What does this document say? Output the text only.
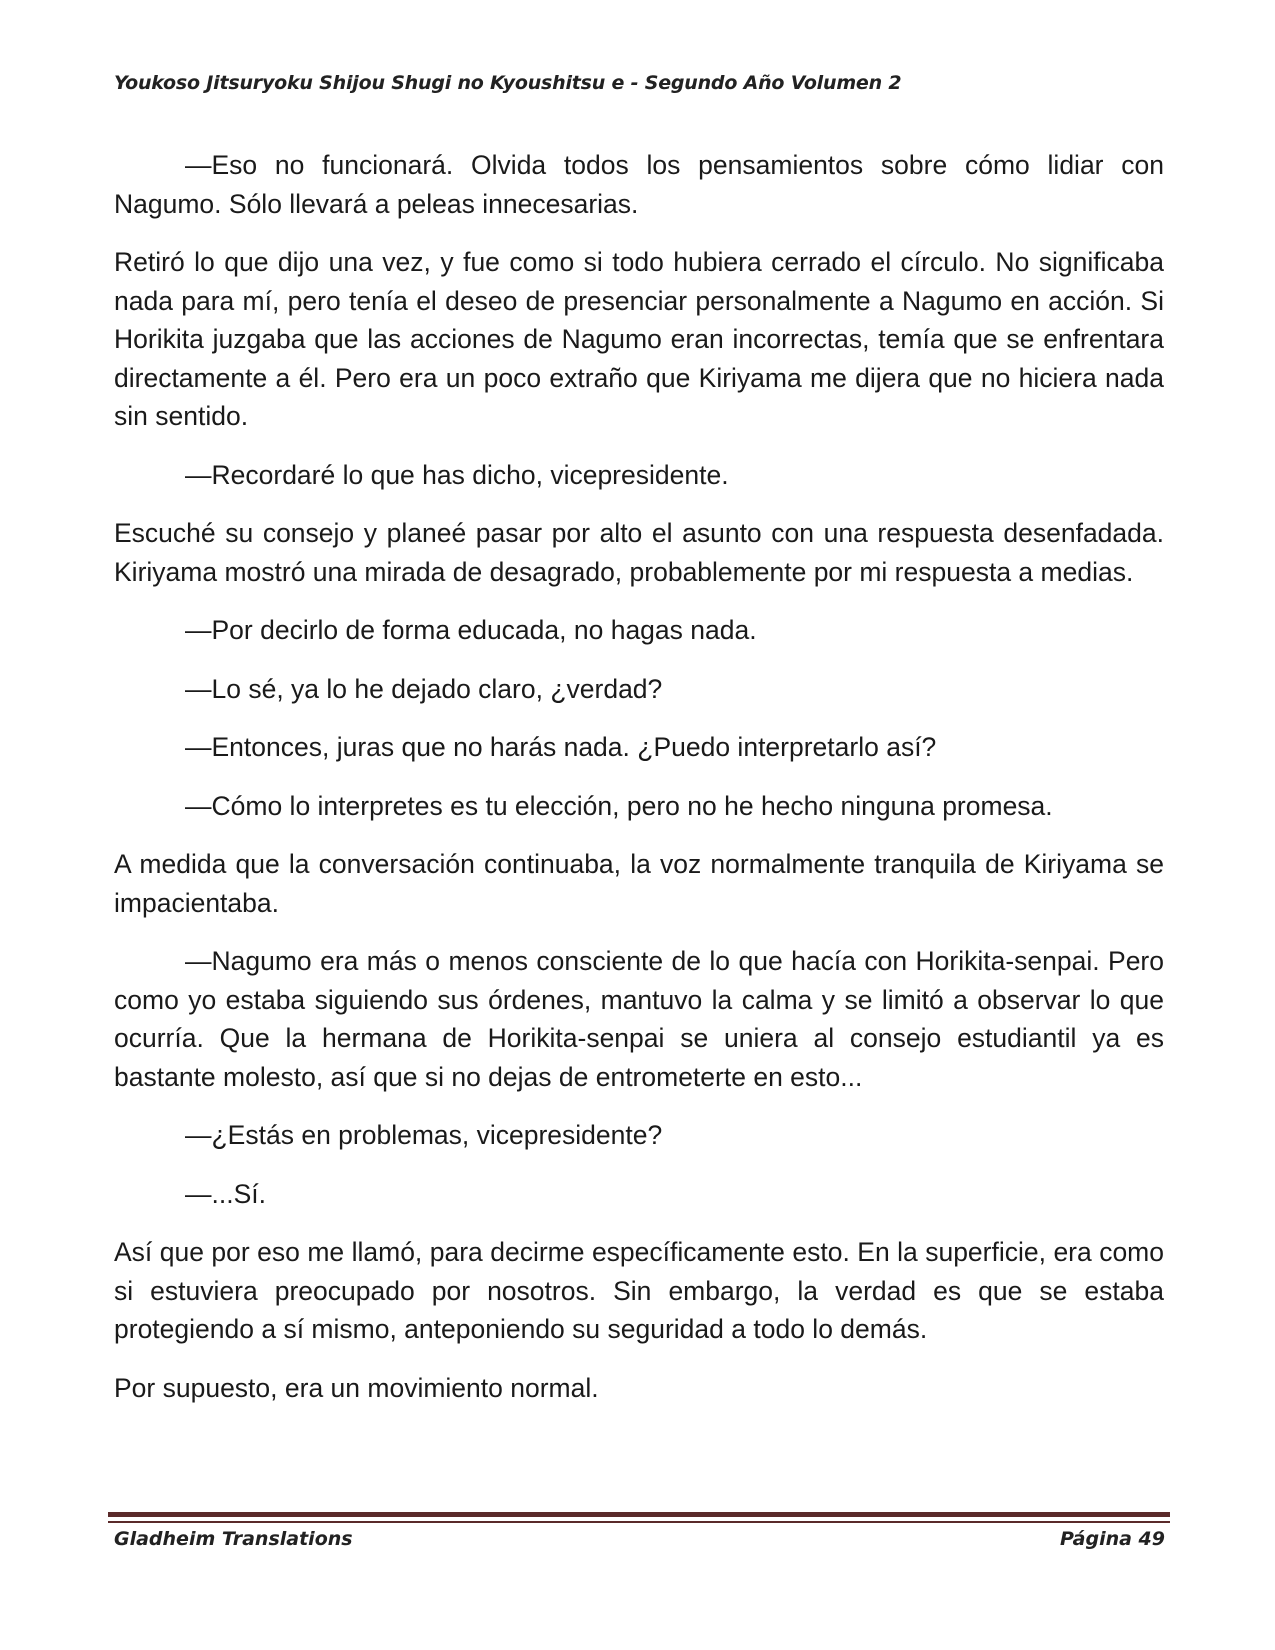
Youkoso Jitsuryoku Shijou Shugi no Kyoushitsu e - Segundo Año Volumen 2

—Eso no funcionará. Olvida todos los pensamientos sobre cómo lidiar con Nagumo. Sólo llevará a peleas innecesarias.

Retiró lo que dijo una vez, y fue como si todo hubiera cerrado el círculo. No significaba nada para mí, pero tenía el deseo de presenciar personalmente a Nagumo en acción. Si Horikita juzgaba que las acciones de Nagumo eran incorrectas, temía que se enfrentara directamente a él. Pero era un poco extraño que Kiriyama me dijera que no hiciera nada sin sentido.

—Recordaré lo que has dicho, vicepresidente.

Escuché su consejo y planeé pasar por alto el asunto con una respuesta desenfadada. Kiriyama mostró una mirada de desagrado, probablemente por mi respuesta a medias.

—Por decirlo de forma educada, no hagas nada.

—Lo sé, ya lo he dejado claro, ¿verdad?

—Entonces, juras que no harás nada. ¿Puedo interpretarlo así?

—Cómo lo interpretes es tu elección, pero no he hecho ninguna promesa.

A medida que la conversación continuaba, la voz normalmente tranquila de Kiriyama se impacientaba.

—Nagumo era más o menos consciente de lo que hacía con Horikita-senpai. Pero como yo estaba siguiendo sus órdenes, mantuvo la calma y se limitó a observar lo que ocurría. Que la hermana de Horikita-senpai se uniera al consejo estudiantil ya es bastante molesto, así que si no dejas de entrometerte en esto...

—¿Estás en problemas, vicepresidente?

—...Sí.

Así que por eso me llamó, para decirme específicamente esto. En la superficie, era como si estuviera preocupado por nosotros. Sin embargo, la verdad es que se estaba protegiendo a sí mismo, anteponiendo su seguridad a todo lo demás.

Por supuesto, era un movimiento normal.

Gladheim Translations	Página 49
